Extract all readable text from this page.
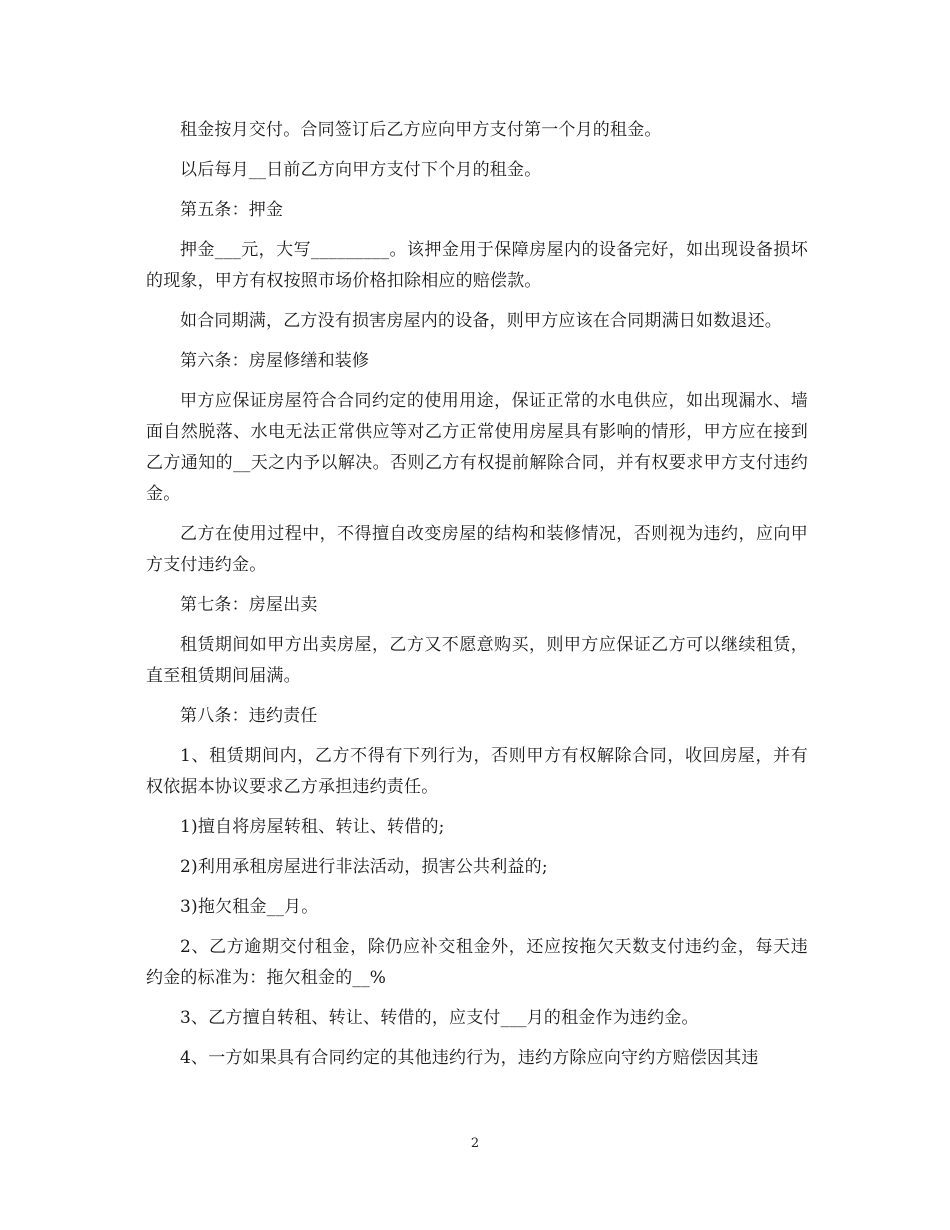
租金按月交付。合同签订后乙方应向甲方支付第一个月的租金。

以后每月__日前乙方向甲方支付下个月的租金。

第五条：押金

押金___元，大写_________。该押金用于保障房屋内的设备完好，如出现设备损坏的现象，甲方有权按照市场价格扣除相应的赔偿款。

如合同期满，乙方没有损害房屋内的设备，则甲方应该在合同期满日如数退还。

第六条：房屋修缮和装修

甲方应保证房屋符合合同约定的使用用途，保证正常的水电供应，如出现漏水、墙面自然脱落、水电无法正常供应等对乙方正常使用房屋具有影响的情形，甲方应在接到乙方通知的__天之内予以解决。否则乙方有权提前解除合同，并有权要求甲方支付违约金。

乙方在使用过程中，不得擅自改变房屋的结构和装修情况，否则视为违约，应向甲方支付违约金。

第七条：房屋出卖

租赁期间如甲方出卖房屋，乙方又不愿意购买，则甲方应保证乙方可以继续租赁，直至租赁期间届满。

第八条：违约责任

1、租赁期间内，乙方不得有下列行为，否则甲方有权解除合同，收回房屋，并有权依据本协议要求乙方承担违约责任。

1)擅自将房屋转租、转让、转借的;

2)利用承租房屋进行非法活动，损害公共利益的;

3)拖欠租金__月。

2、乙方逾期交付租金，除仍应补交租金外，还应按拖欠天数支付违约金，每天违约金的标准为：拖欠租金的__%

3、乙方擅自转租、转让、转借的，应支付___月的租金作为违约金。

4、一方如果具有合同约定的其他违约行为，违约方除应向守约方赔偿因其违

2
